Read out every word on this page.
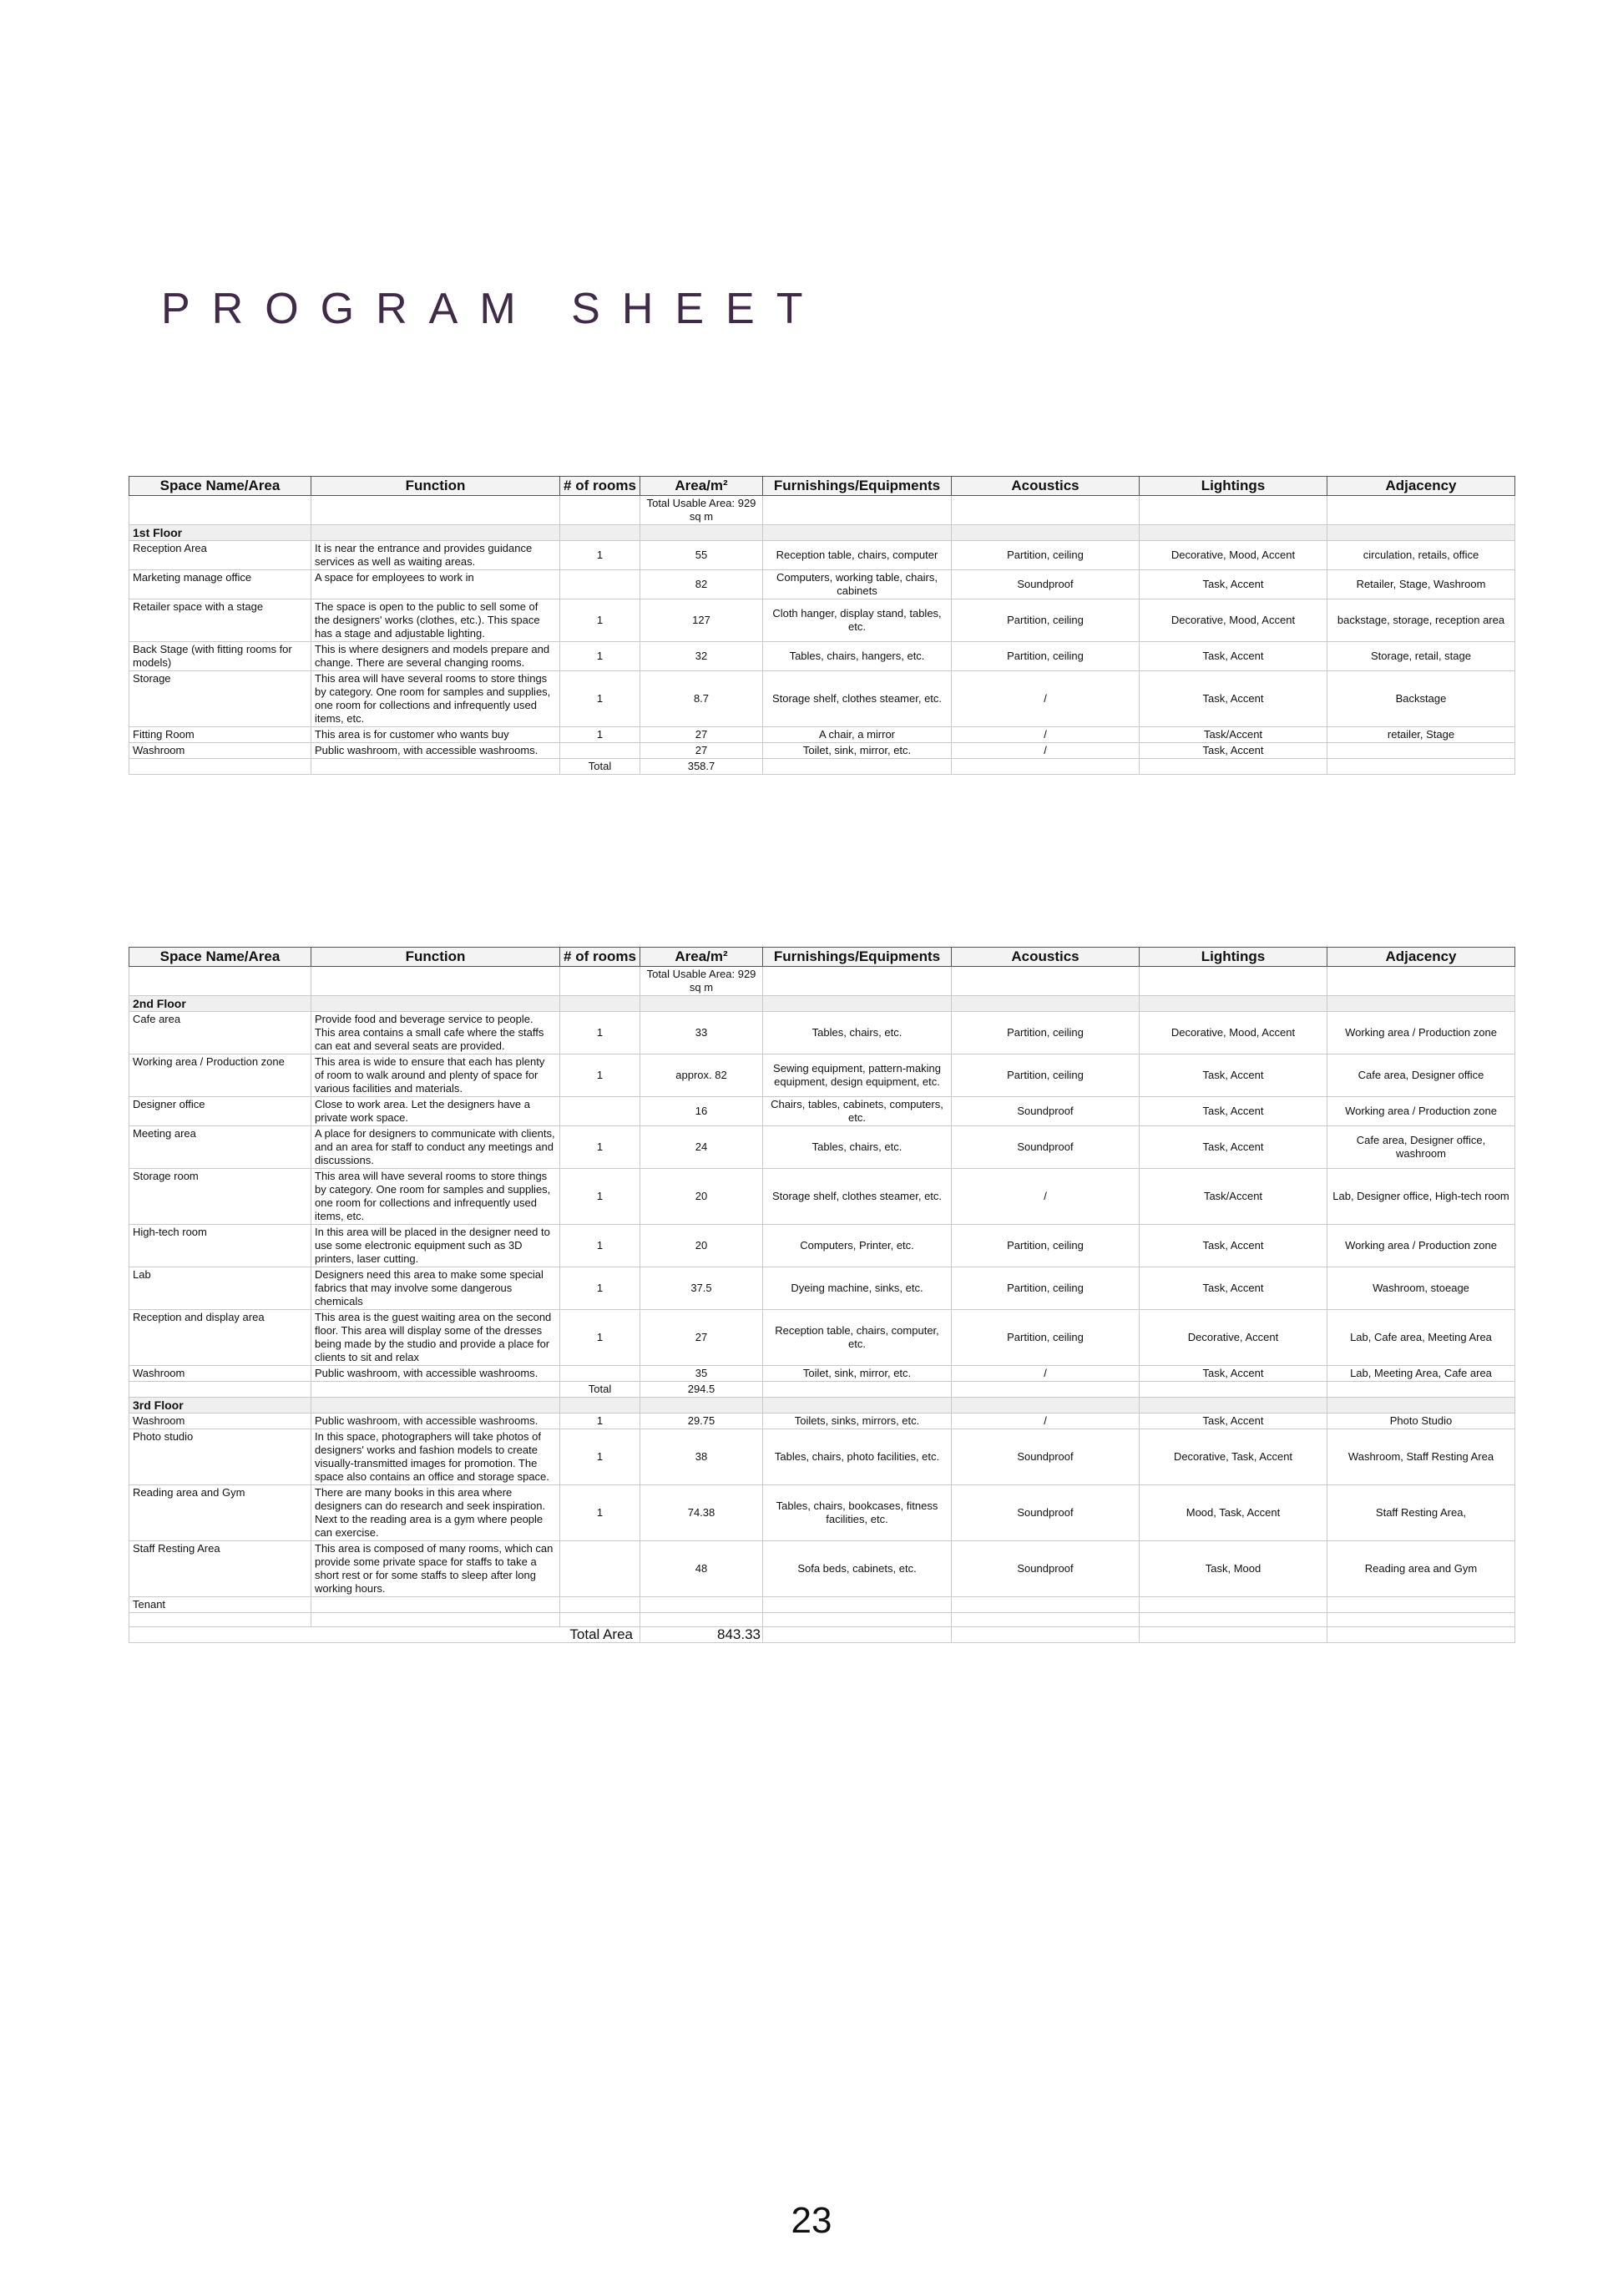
PROGRAM SHEET
Space Name/Area	Function	# of rooms	Area/m²	Furnishings/Equipments	Acoustics	Lightings	Adjacency
			Total Usable Area: 929 sq m				
1st Floor							
Reception Area	It is near the entrance and provides guidance services as well as waiting areas.	1	55	Reception table, chairs, computer	Partition, ceiling	Decorative, Mood, Accent	circulation, retails, office
Marketing manage office	A space for employees to work in		82	Computers, working table, chairs, cabinets	Soundproof	Task, Accent	Retailer, Stage, Washroom
Retailer space with a stage	The space is open to the public to sell some of the designers' works (clothes, etc.). This space has a stage and adjustable lighting.	1	127	Cloth hanger, display stand, tables, etc.	Partition, ceiling	Decorative, Mood, Accent	backstage, storage, reception area
Back Stage (with fitting rooms for models)	This is where designers and models prepare and change. There are several changing rooms.	1	32	Tables, chairs, hangers, etc.	Partition, ceiling	Task, Accent	Storage, retail, stage
Storage	This area will have several rooms to store things by category. One room for samples and supplies, one room for collections and infrequently used items, etc.	1	8.7	Storage shelf, clothes steamer, etc.	/	Task, Accent	Backstage
Fitting Room	This area is for customer who wants buy	1	27	A chair, a mirror	/	Task/Accent	retailer, Stage
Washroom	Public washroom, with accessible washrooms.		27	Toilet, sink, mirror, etc.	/	Task, Accent	
		Total	358.7				
Space Name/Area	Function	# of rooms	Area/m²	Furnishings/Equipments	Acoustics	Lightings	Adjacency
			Total Usable Area: 929 sq m				
2nd Floor							
Cafe area	Provide food and beverage service to people. This area contains a small cafe where the staffs can eat and several seats are provided.	1	33	Tables, chairs, etc.	Partition, ceiling	Decorative, Mood, Accent	Working area / Production zone
Working area / Production zone	This area is wide to ensure that each has plenty of room to walk around and plenty of space for various facilities and materials.	1	approx. 82	Sewing equipment, pattern-making equipment, design equipment, etc.	Partition, ceiling	Task, Accent	Cafe area, Designer office
Designer office	Close to work area. Let the designers have a private work space.		16	Chairs, tables, cabinets, computers, etc.	Soundproof	Task, Accent	Working area / Production zone
Meeting area	A place for designers to communicate with clients, and an area for staff to conduct any meetings and discussions.	1	24	Tables, chairs, etc.	Soundproof	Task, Accent	Cafe area, Designer office, washroom
Storage room	This area will have several rooms to store things by category. One room for samples and supplies, one room for collections and infrequently used items, etc.	1	20	Storage shelf, clothes steamer, etc.	/	Task/Accent	Lab, Designer office, High-tech room
High-tech room	In this area will be placed in the designer need to use some electronic equipment such as 3D printers, laser cutting.	1	20	Computers, Printer, etc.	Partition, ceiling	Task, Accent	Working area / Production zone
Lab	Designers need this area to make some special fabrics that may involve some dangerous chemicals	1	37.5	Dyeing machine, sinks, etc.	Partition, ceiling	Task, Accent	Washroom, stoeage
Reception and display area	This area is the guest waiting area on the second floor. This area will display some of the dresses being made by the studio and provide a place for clients to sit and relax	1	27	Reception table, chairs, computer, etc.	Partition, ceiling	Decorative, Accent	Lab, Cafe area, Meeting Area
Washroom	Public washroom, with accessible washrooms.		35	Toilet, sink, mirror, etc.	/	Task, Accent	Lab, Meeting Area, Cafe area
		Total	294.5				
3rd Floor							
Washroom	Public washroom, with accessible washrooms.	1	29.75	Toilets, sinks, mirrors, etc.	/	Task, Accent	Photo Studio
Photo studio	In this space, photographers will take photos of designers' works and fashion models to create visually-transmitted images for promotion. The space also contains an office and storage space.	1	38	Tables, chairs, photo facilities, etc.	Soundproof	Decorative, Task, Accent	Washroom, Staff Resting Area
Reading area and Gym	There are many books in this area where designers can do research and seek inspiration. Next to the reading area is a gym where people can exercise.	1	74.38	Tables, chairs, bookcases, fitness facilities, etc.	Soundproof	Mood, Task, Accent	Staff Resting Area,
Staff Resting Area	This area is composed of many rooms, which can provide some private space for staffs to take a short rest or for some staffs to sleep after long working hours.		48	Sofa beds, cabinets, etc.	Soundproof	Task, Mood	Reading area and Gym
Tenant							

Total Area			843.33				
23
